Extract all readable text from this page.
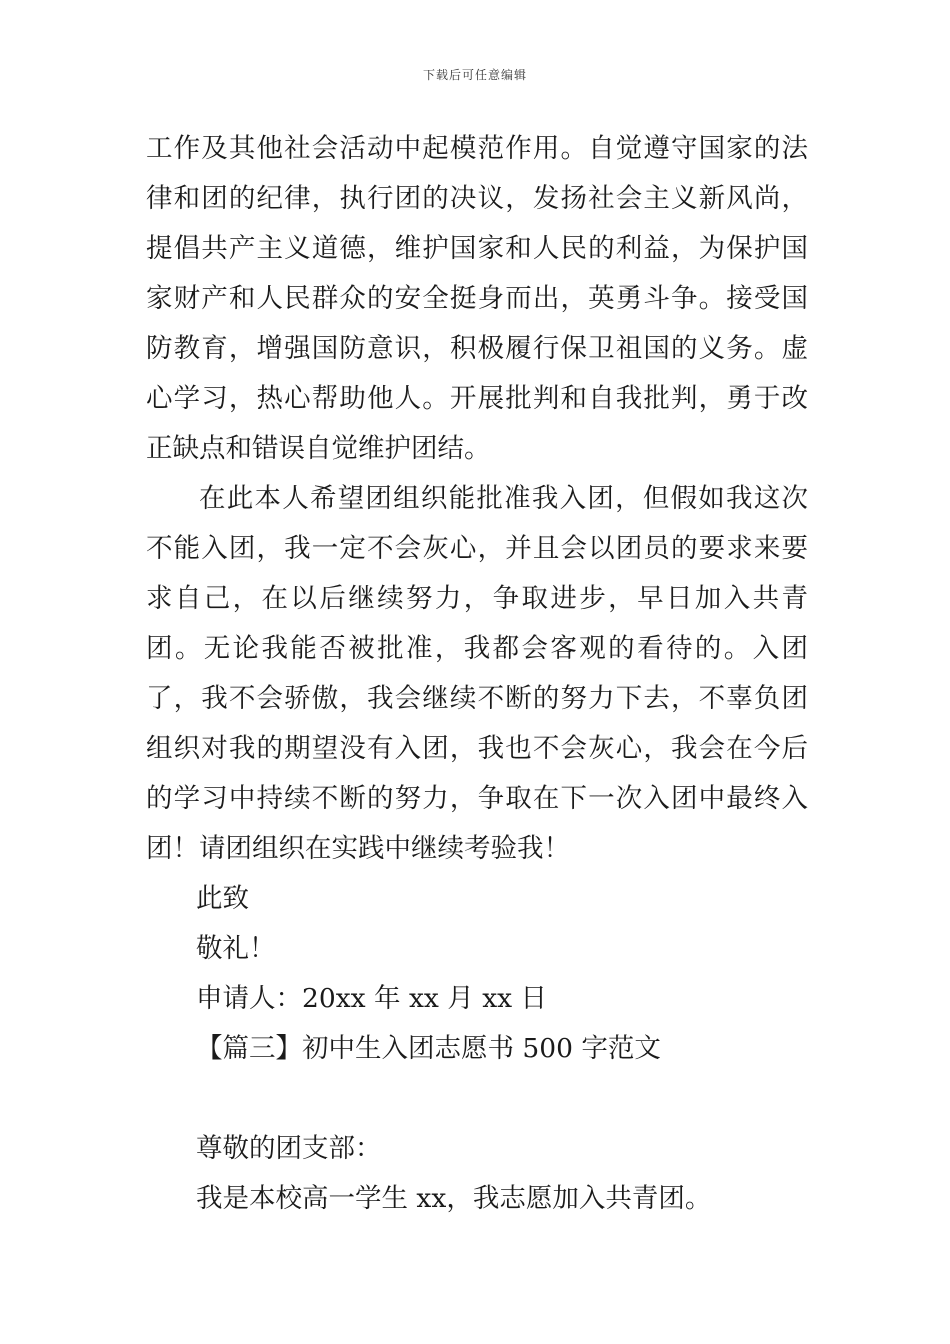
下载后可任意编辑

工作及其他社会活动中起模范作用。自觉遵守国家的法律和团的纪律，执行团的决议，发扬社会主义新风尚，提倡共产主义道德，维护国家和人民的利益，为保护国家财产和人民群众的安全挺身而出，英勇斗争。接受国防教育，增强国防意识，积极履行保卫祖国的义务。虚心学习，热心帮助他人。开展批判和自我批判，勇于改正缺点和错误自觉维护团结。

在此本人希望团组织能批准我入团，但假如我这次不能入团，我一定不会灰心，并且会以团员的要求来要求自己，在以后继续努力，争取进步，早日加入共青团。无论我能否被批准，我都会客观的看待的。入团了，我不会骄傲，我会继续不断的努力下去，不辜负团组织对我的期望没有入团，我也不会灰心，我会在今后的学习中持续不断的努力，争取在下一次入团中最终入团！请团组织在实践中继续考验我！

此致

敬礼！

申请人：20xx 年 xx 月 xx 日

【篇三】初中生入团志愿书 500 字范文

尊敬的团支部：

我是本校高一学生 xx，我志愿加入共青团。
